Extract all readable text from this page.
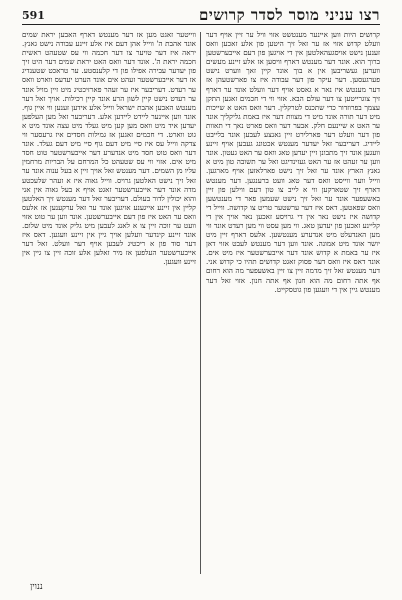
רצו עניני מוסר לסדר קרושים
591
קרושים היות ווען איינער מענטשט אזוי וויל ער זיין אויף דער וועלט קדוש אזוי אז ער זאל זיך היטען פון אלע זאכען וואס זענען נישט אויסגעהאלטען אין די אויגען פון דעם אייבערשטען ברוך הוא. אונד דער מענטש דארף וויסען אז אלע זיינע מעשים ווערען געשריבען אין א בוך אונד קיין זאך ווערט נישט פערגעסען. דער עיקר פון דער עבודה איז צו פארשטעהן אז דער מענטש איז נאר א גאסט אויף דער וועלט אונד ער דארף זיך צוגרייטען צו דער עולם הבא. אזוי ווי די חכמים זאגען התקן עצמך בפרוזדור כדי שתכנס לטרקלין. דער וואס האט א שייכות מיט דער תורה אונד מיט די מצוות דער איז באמת גליקליך אונד ער האט א שיינעם חלק. אבער דער וואס פארט נאך די תאוות פון דער וועלט דער פארלירט זיין גאנצע לעבען אונד בלייבט ליידיג. דעריבער זאל יעדער מענטש אכטונג געבען אויף זיינע וועגען אונד זיך מתבונן זיין יעדען טאג וואס ער האט געטון. אונד ווען ער זעהט אז ער האט געזינדיגט זאל ער תשובה טון מיט א גאנץ הארץ אונד ער זאל זיך נישט פארלאזען אויף מארגען. ווייל ווער ווייסט וואס דער טאג וועט ברענגען. דער מענטש דארף זיך שטארקען ווי א לייב צו טון דעם ווילען פון זיין באשעפער אונד ער זאל זיך נישט שעמען פאר די מענטשען וואס שפאטען. דאס איז דער ערשטער טריט צו קדושה. ווייל די קדושה איז נישט נאר אין די גרויסע זאכען נאר אויך אין די קליינע זאכען פון יעדען טאג. ווי מען עסט ווי מען רעדט אונד ווי מען האנדעלט מיט אנדערע מענטשען. אלעס דארף זיין מיט יושר אונד מיט אמונה. אונד ווען דער מענטש לעבט אזוי דאן איז ער באמת א קדוש אונד דער אייבערשטער איז מיט אים. אונד דאס איז וואס דער פסוק זאגט קדושים תהיו כי קדוש אני. דער מענטש זאל זיך מדמה זיין צו זיין באשעפער מה הוא רחום אף אתה רחום מה הוא חנון אף אתה חנון. אזוי זאל דער מענטש גיין אין די וועגען פון גוטסקייט.
ווייטער זאגט מען אז דער מענטש דארף האבען יראת שמים אונד אהבת ה' ווייל אהן דעם איז אלע זיינע עבודה נישט גאנץ. יראה איז דער טויער צו דער חכמה ווי עס שטעהט ראשית חכמה יראת ה'. אונד דער וואס האט יראת שמים דער היט זיך פון יעדער עבירה אפילו פון די קלענסטע. ער טראכט שטענדיג אז דער אייבערשטער זעהט אים אונד הערט יעדעס ווארט וואס ער רעדט. דעריבער איז ער זעהר פארזיכטיג מיט זיין מויל אונד ער רעדט נישט קיין לשון הרע אונד קיין רכילות. אויך זאל דער מענטש האבען אהבת ישראל ווייל אלע אידען זענען ווי איין גוף. אונד ווען איינער ליידט ליידען אלע. דעריבער זאל מען העלפען יעדען איד מיט וואס מען קען מיט געלד מיט עצה אונד מיט א גוט ווארט. די חכמים זאגען אז גמילות חסדים איז גרעסער ווי צדקה ווייל עס איז סיי מיט דעם גוף סיי מיט דעם געלד. אונד דער וואס טוט חסד מיט אנדערע דער אייבערשטער טוט חסד מיט אים. אזוי ווי עס שטעהט כל המרחם על הבריות מרחמין עליו מן השמים. דער מענטש זאל אויך זיין א בעל ענוה אונד ער זאל זיך נישט האלטען גרויס. ווייל גאוה איז א זעהר שלעכטע מדה אונד דער אייבערשטער זאגט אויף א בעל גאוה אין אני והוא יכולין לדור בעולם. דעריבער זאל דער מענטש זיך האלטען קליין אין זיינע אייגענע אויגען אונד ער זאל ערקענען אז אלעס וואס ער האט איז פון דעם אייבערשטען. אונד ווען ער טוט אזוי וועט ער זוכה זיין צו א לאנג לעבען מיט גליק אונד מיט שלום. אונד זיינע קינדער וועלען אויך גיין אין זיינע וועגען. דאס איז דער סוד פון א ריכטיג לעבען אויף דער וועלט. זאל דער אייבערשטער העלפען אז מיר זאלען אלע זוכה זיין צו גיין אין זיינע וועגען.
ננוין
